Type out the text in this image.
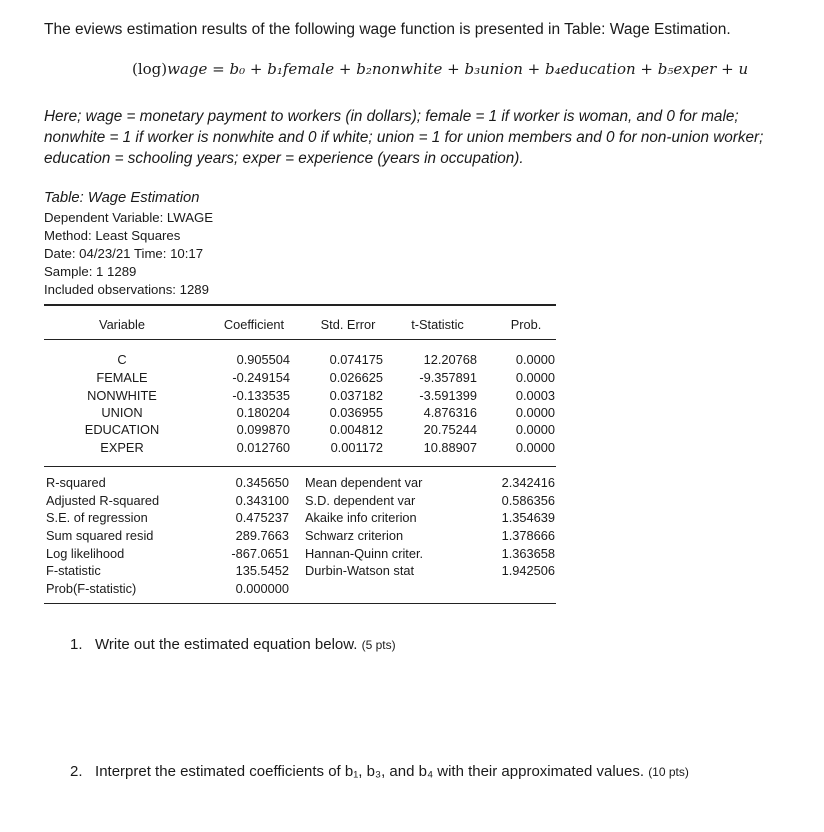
The eviews estimation results of the following wage function is presented in Table: Wage Estimation.
(log)wage = b₀ + b₁female + b₂nonwhite + b₃union + b₄education + b₅exper + u
Here; wage = monetary payment to workers (in dollars); female = 1 if worker is woman, and 0 for male; nonwhite = 1 if worker is nonwhite and 0 if white; union = 1 for union members and 0 for non-union worker; education = schooling years; exper = experience (years in occupation).
Table: Wage Estimation
Dependent Variable: LWAGE
Method: Least Squares
Date: 04/23/21 Time: 10:17
Sample: 1 1289
Included observations: 1289
Variable	Coefficient	Std. Error	t-Statistic	Prob.
C	0.905504	0.074175	12.20768	0.0000
FEMALE	-0.249154	0.026625	-9.357891	0.0000
NONWHITE	-0.133535	0.037182	-3.591399	0.0003
UNION	0.180204	0.036955	4.876316	0.0000
EDUCATION	0.099870	0.004812	20.75244	0.0000
EXPER	0.012760	0.001172	10.88907	0.0000
R-squared	0.345650 Mean dependent var	2.342416
Adjusted R-squared	0.343100 S.D. dependent var	0.586356
S.E. of regression	0.475237 Akaike info criterion	1.354639
Sum squared resid	289.7663 Schwarz criterion	1.378666
Log likelihood	-867.0651 Hannan-Quinn criter.	1.363658
F-statistic	135.5452 Durbin-Watson stat	1.942506
Prob(F-statistic)	0.000000
1. Write out the estimated equation below. (5 pts)
2. Interpret the estimated coefficients of b₁, b₃, and b₄ with their approximated values. (10 pts)
